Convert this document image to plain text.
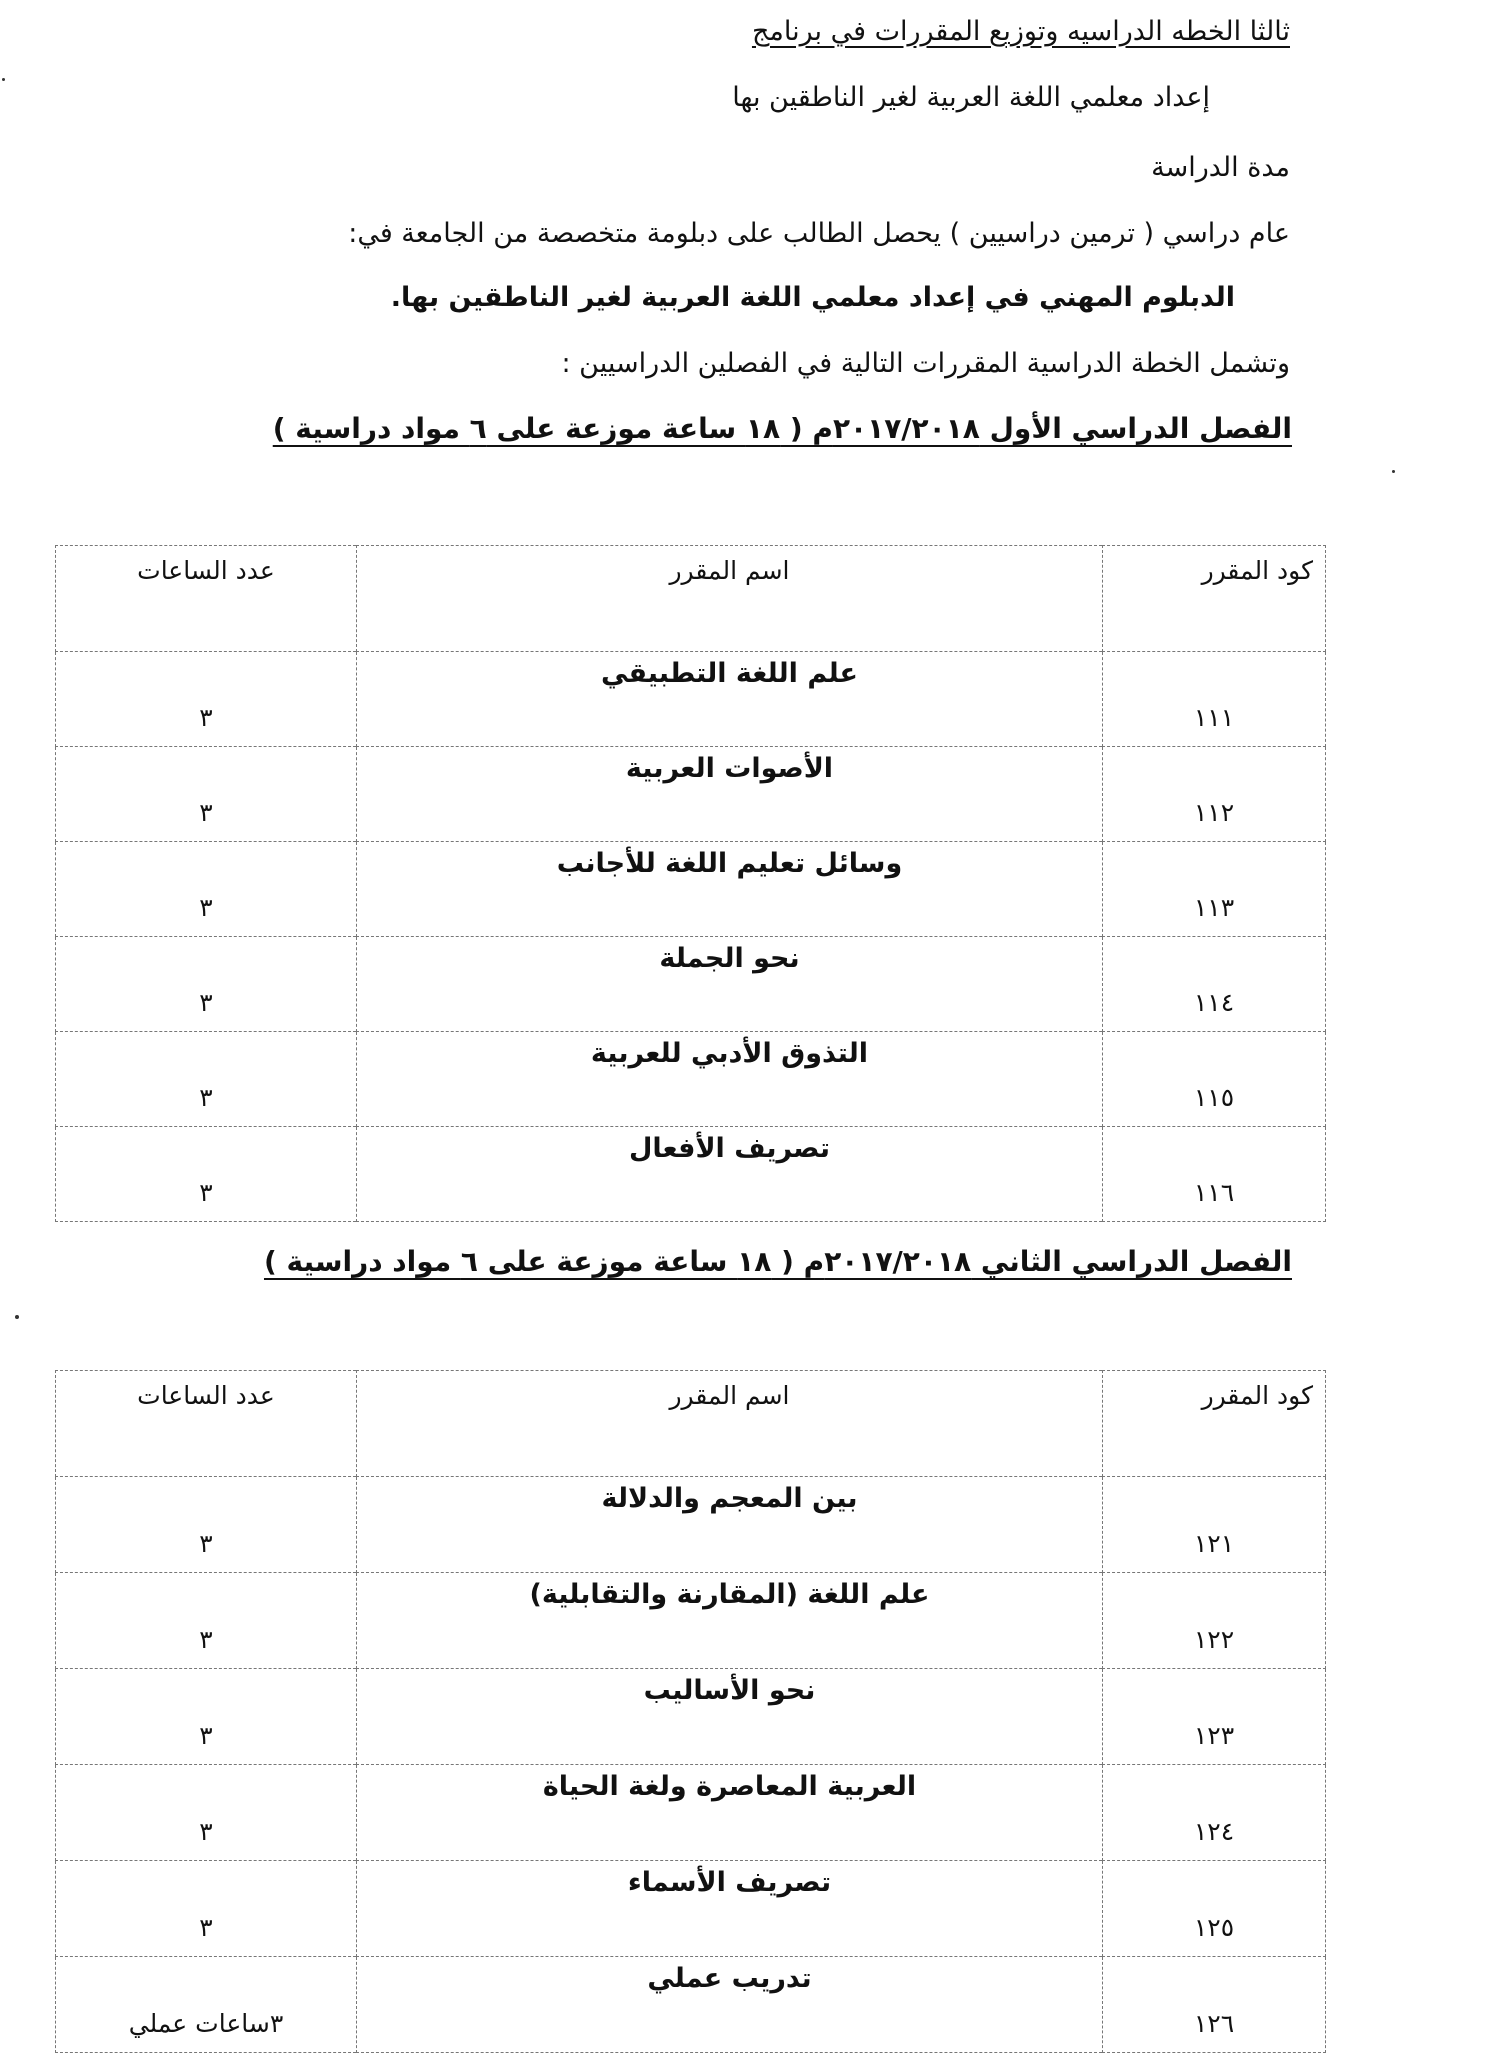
ثالثا الخطه الدراسيه وتوزيع المقررات في برنامج
إعداد معلمي اللغة العربية لغير الناطقين بها
مدة الدراسة
عام دراسي ( ترمين دراسيين ) يحصل الطالب على دبلومة متخصصة من الجامعة في:
الدبلوم المهني في إعداد معلمي اللغة العربية لغير الناطقين بها.
وتشمل الخطة الدراسية المقررات التالية في الفصلين الدراسيين :
الفصل الدراسي الأول ٢٠١٧/٢٠١٨م ( ١٨ ساعة موزعة على ٦ مواد دراسية )
كود المقرر	اسم المقرر	عدد الساعات
١١١	علم اللغة التطبيقي	٣
١١٢	الأصوات العربية	٣
١١٣	وسائل تعليم اللغة للأجانب	٣
١١٤	نحو الجملة	٣
١١٥	التذوق الأدبي للعربية	٣
١١٦	تصريف الأفعال	٣
الفصل الدراسي الثاني ٢٠١٧/٢٠١٨م ( ١٨ ساعة موزعة على ٦ مواد دراسية )
كود المقرر	اسم المقرر	عدد الساعات
١٢١	بين المعجم والدلالة	٣
١٢٢	علم اللغة (المقارنة والتقابلية)	٣
١٢٣	نحو الأساليب	٣
١٢٤	العربية المعاصرة ولغة الحياة	٣
١٢٥	تصريف الأسماء	٣
١٢٦	تدريب عملي	٣ساعات عملي
